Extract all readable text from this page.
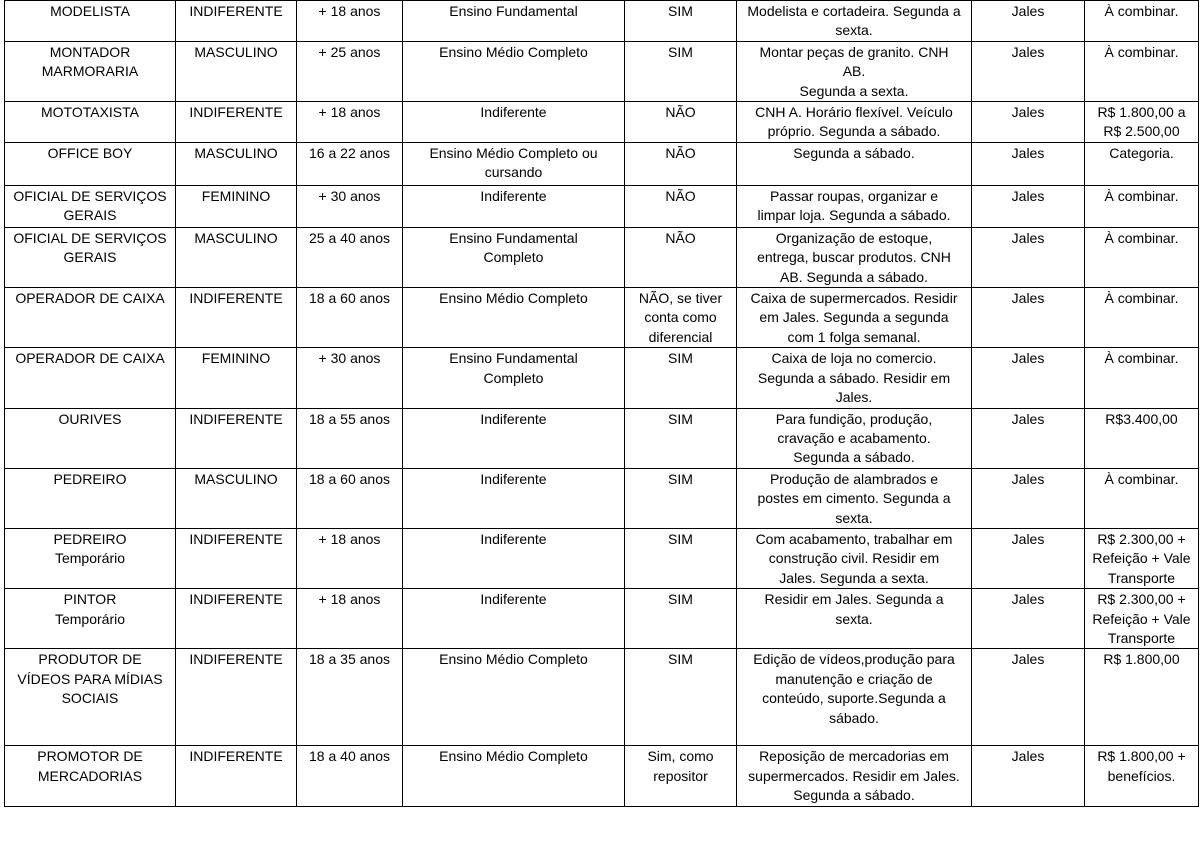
MODELISTA	INDIFERENTE	+ 18 anos	Ensino Fundamental	SIM	Modelista e cortadeira. Segunda a
sexta.	Jales	À combinar.
MONTADOR
MARMORARIA	MASCULINO	+ 25 anos	Ensino Médio Completo	SIM	Montar peças de granito. CNH AB.
Segunda a sexta.	Jales	À combinar.
MOTOTAXISTA	INDIFERENTE	+ 18 anos	Indiferente	NÃO	CNH A. Horário flexível. Veículo
próprio. Segunda a sábado.	Jales	R$ 1.800,00 a
R$ 2.500,00
OFFICE BOY	MASCULINO	16 a 22 anos	Ensino Médio Completo ou
cursando	NÃO	Segunda a sábado.	Jales	Categoria.
OFICIAL DE SERVIÇOS
GERAIS	FEMININO	+ 30 anos	Indiferente	NÃO	Passar roupas, organizar e
limpar loja. Segunda a sábado.	Jales	À combinar.
OFICIAL DE SERVIÇOS
GERAIS	MASCULINO	25 a 40 anos	Ensino Fundamental
Completo	NÃO	Organização de estoque,
entrega, buscar produtos. CNH
AB. Segunda a sábado.	Jales	À combinar.
OPERADOR DE CAIXA	INDIFERENTE	18 a 60 anos	Ensino Médio Completo	NÃO, se tiver
conta como
diferencial	Caixa de supermercados. Residir
em Jales. Segunda a segunda
com 1 folga semanal.	Jales	À combinar.
OPERADOR DE CAIXA	FEMININO	+ 30 anos	Ensino Fundamental
Completo	SIM	Caixa de loja no comercio.
Segunda a sábado. Residir em
Jales.	Jales	À combinar.
OURIVES	INDIFERENTE	18 a 55 anos	Indiferente	SIM	Para fundição, produção,
cravação e acabamento.
Segunda a sábado.	Jales	R$3.400,00
PEDREIRO	MASCULINO	18 a 60 anos	Indiferente	SIM	Produção de alambrados e
postes em cimento. Segunda a
sexta.	Jales	À combinar.
PEDREIRO
Temporário	INDIFERENTE	+ 18 anos	Indiferente	SIM	Com acabamento, trabalhar em
construção civil. Residir em
Jales. Segunda a sexta.	Jales	R$ 2.300,00 +
Refeição + Vale
Transporte
PINTOR
Temporário	INDIFERENTE	+ 18 anos	Indiferente	SIM	Residir em Jales. Segunda a
sexta.	Jales	R$ 2.300,00 +
Refeição + Vale
Transporte
PRODUTOR DE
VÍDEOS PARA MÍDIAS
SOCIAIS	INDIFERENTE	18 a 35 anos	Ensino Médio Completo	SIM	Edição de vídeos,produção para
manutenção e criação de
conteúdo, suporte.Segunda a
sábado.	Jales	R$ 1.800,00
PROMOTOR DE
MERCADORIAS	INDIFERENTE	18 a 40 anos	Ensino Médio Completo	Sim, como
repositor	Reposição de mercadorias em
supermercados. Residir em Jales.
Segunda a sábado.	Jales	R$ 1.800,00 +
benefícios.
